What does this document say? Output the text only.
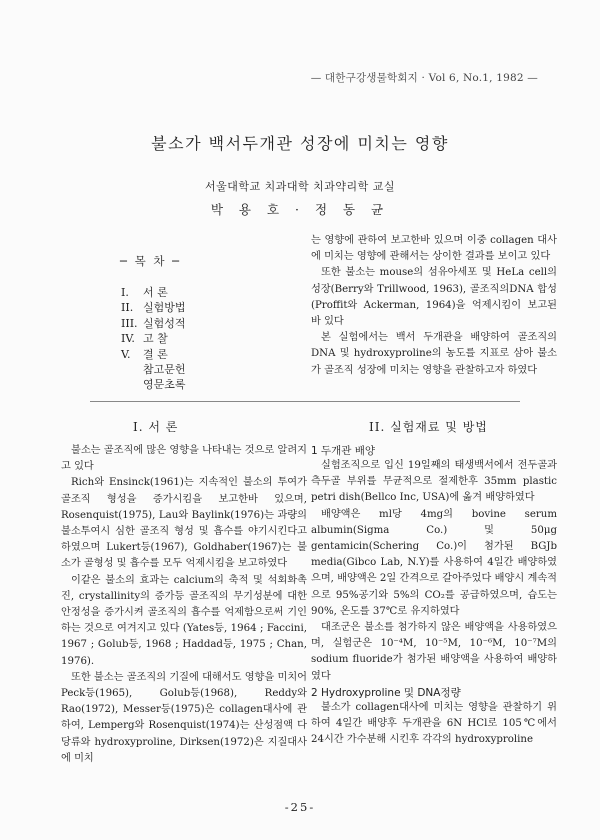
— 대한구강생물학회지 · Vol 6, No.1, 1982 —
불소가 백서두개관 성장에 미치는 영향
서울대학교 치과대학 치과약리학 교실
박 용 호 · 정 동 균
─ 목 차 ─
I. 서 론
II. 실험방법
III. 실험성적
IV. 고 찰
V. 결 론
참고문헌
영문초록

는 영향에 관하여 보고한바 있으며 이중 collagen 대사에 미치는 영향에 관해서는 상이한 결과를 보이고 있다

또한 불소는 mouse의 섬유아세포 및 HeLa cell의 성장(Berry와 Trillwood, 1963), 골조직의DNA 합성(Proffit와 Ackerman, 1964)을 억제시킴이 보고된 바 있다

본 실험에서는 백서 두개관을 배양하여 골조직의 DNA 및 hydroxyproline의 농도를 지표로 삼아 불소가 골조직 성장에 미치는 영향을 관찰하고자 하였다

I. 서 론

불소는 골조직에 많은 영향을 나타내는 것으로 알려지고 있다

Rich와 Ensinck(1961)는 지속적인 불소의 투여가 골조직 형성을 증가시킴을 보고한바 있으며, Rosenquist(1975), Lau와 Baylink(1976)는 과량의 불소투여시 심한 골조직 형성 및 흡수를 야기시킨다고 하였으며 Lukert등(1967), Goldhaber(1967)는 불소가 골형성 및 흡수를 모두 억제시킴을 보고하였다

이같은 불소의 효과는 calcium의 축적 및 석회화촉진, crystallinity의 증가등 골조직의 무기성분에 대한 안정성을 증가시켜 골조직의 흡수를 억제함으로써 기인하는 것으로 여겨지고 있다 (Yates등, 1964 ; Faccini, 1967 ; Golub등, 1968 ; Haddad등, 1975 ; Chan, 1976).

또한 불소는 골조직의 기질에 대해서도 영향을 미치어 Peck등(1965), Golub등(1968), Reddy와 Rao(1972), Messer등(1975)은 collagen대사에 관하여, Lemperg와 Rosenquist(1974)는 산성점액 다당류와 hydroxyproline, Dirksen(1972)은 지질대사에 미치

II. 실험재료 및 방법
1 두개관 배양

실험조직으로 입신 19일째의 태생백서에서 전두골과 측두골 부위를 무균적으로 절제한후 35mm plastic petri dish(Bellco Inc, USA)에 옮겨 배양하였다

배양액은 ml당 4mg의 bovine serum albumin(Sigma Co.) 및 50μg gentamicin(Schering Co.)이 첨가된 BGJb media(Gibco Lab, N.Y)를 사용하여 4일간 배양하였으며, 배양액은 2일 간격으로 갈아주었다 배양시 계속적으로 95%공기와 5%의 CO₂를 공급하였으며, 습도는 90%, 온도를 37℃로 유지하였다

대조군은 불소를 첨가하지 않은 배양액을 사용하였으며, 실험군은 10⁻⁴M, 10⁻⁵M, 10⁻⁶M, 10⁻⁷M의 sodium fluoride가 첨가된 배양액을 사용하여 배양하였다

2 Hydroxyproline 및 DNA정량

불소가 collagen대사에 미치는 영향을 관찰하기 위하여 4일간 배양후 두개관을 6N HCl로 105℃에서 24시간 가수분해 시킨후 각각의 hydroxyproline

-25-
